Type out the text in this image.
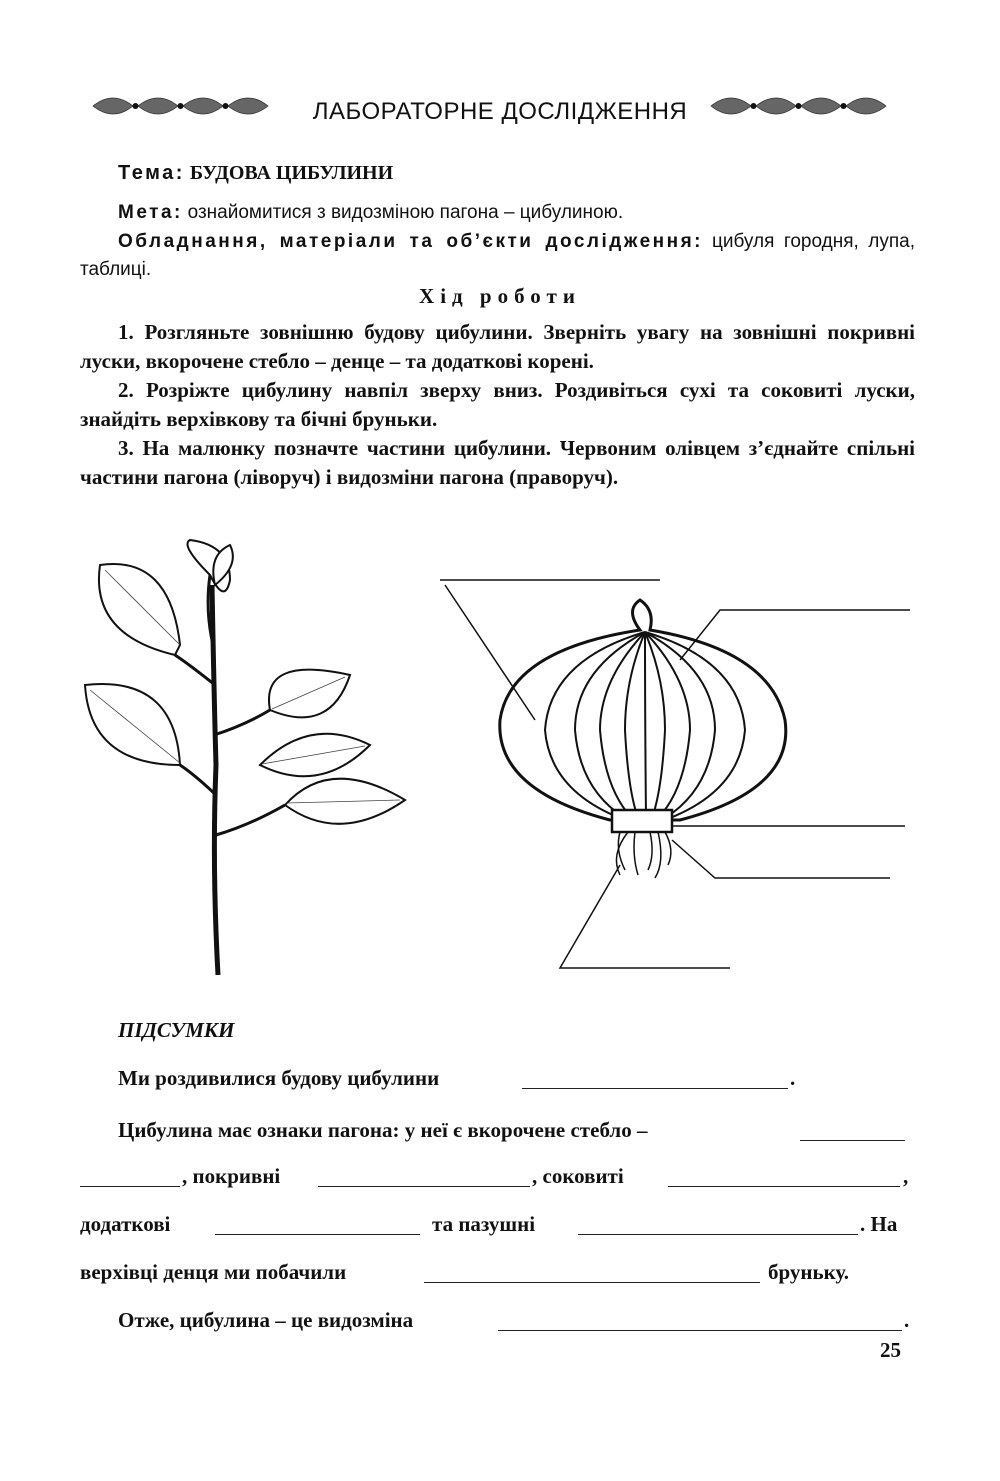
ЛАБОРАТОРНЕ ДОСЛІДЖЕННЯ
Тема: БУДОВА ЦИБУЛИНИ
Мета: ознайомитися з видозміною пагона – цибулиною.
Обладнання, матеріали та об’єкти дослідження: цибуля городня, лупа, таблиці.
Хід роботи

1. Розгляньте зовнішню будову цибулини. Зверніть увагу на зовнішні покривні луски, вкорочене стебло – денце – та додаткові корені.

2. Розріжте цибулину навпіл зверху вниз. Роздивіться сухі та соковиті луски, знайдіть верхівкову та бічні бруньки.

3. На малюнку позначте частини цибулини. Червоним олівцем з’єднайте спільні частини пагона (ліворуч) і видозміни пагона (праворуч).

ПІДСУМКИ
Ми роздивилися будову цибулини	.
Цибулина має ознаки пагона: у неї є вкорочене стебло –
, покривні	, соковиті	,
додаткові	та пазушні	. На
верхівці денця ми побачили	бруньку.
Отже, цибулина – це видозміна	.
25
